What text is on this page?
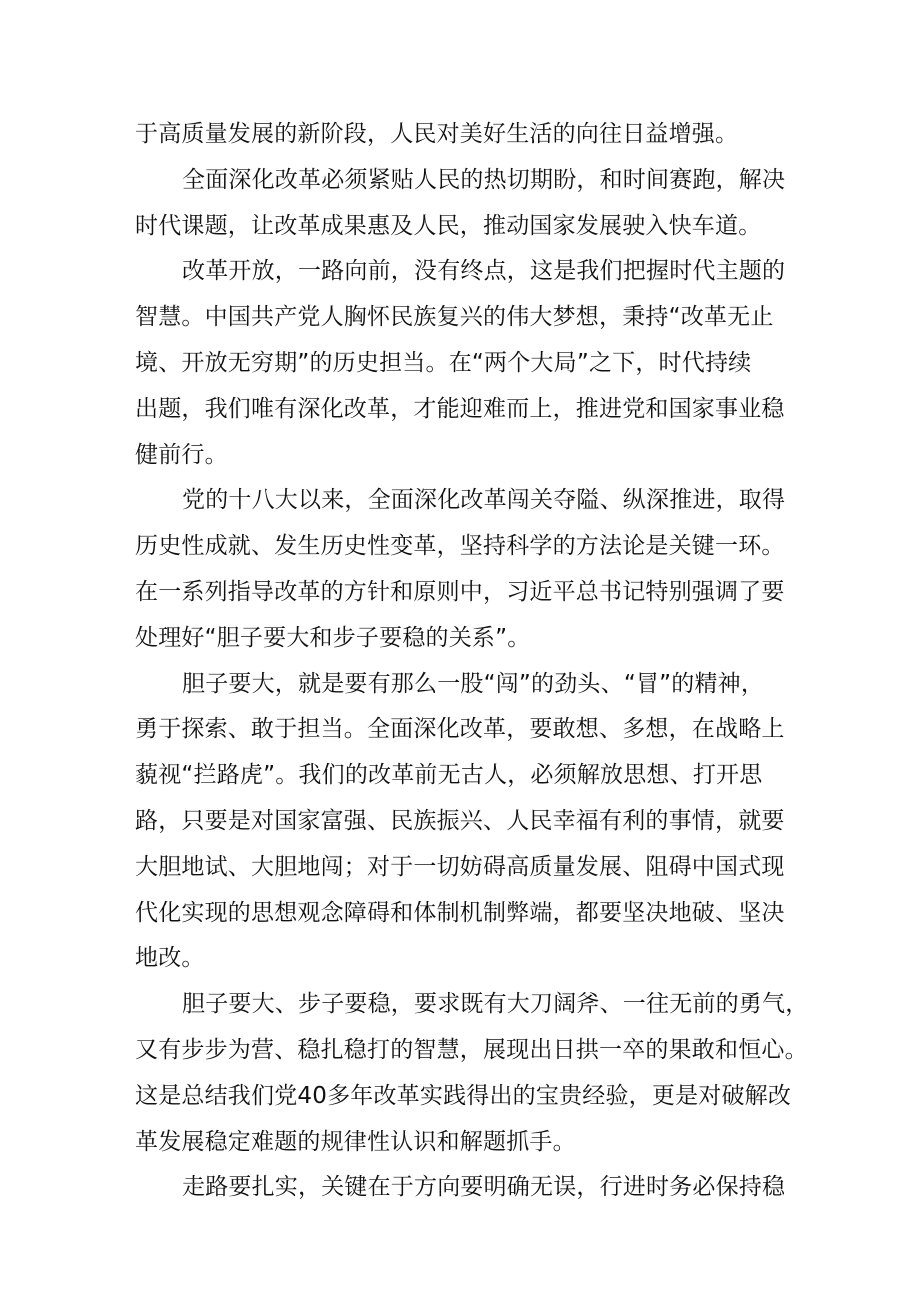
于高质量发展的新阶段，人民对美好生活的向往日益增强。
全面深化改革必须紧贴人民的热切期盼，和时间赛跑，解决
时代课题，让改革成果惠及人民，推动国家发展驶入快车道。
改革开放，一路向前，没有终点，这是我们把握时代主题的
智慧。中国共产党人胸怀民族复兴的伟大梦想，秉持“改革无止
境、开放无穷期”的历史担当。在“两个大局”之下，时代持续
出题，我们唯有深化改革，才能迎难而上，推进党和国家事业稳
健前行。
党的十八大以来，全面深化改革闯关夺隘、纵深推进，取得
历史性成就、发生历史性变革，坚持科学的方法论是关键一环。
在一系列指导改革的方针和原则中，习近平总书记特别强调了要
处理好“胆子要大和步子要稳的关系”。
胆子要大，就是要有那么一股“闯”的劲头、“冒”的精神，
勇于探索、敢于担当。全面深化改革，要敢想、多想，在战略上
藐视“拦路虎”。我们的改革前无古人，必须解放思想、打开思
路，只要是对国家富强、民族振兴、人民幸福有利的事情，就要
大胆地试、大胆地闯；对于一切妨碍高质量发展、阻碍中国式现
代化实现的思想观念障碍和体制机制弊端，都要坚决地破、坚决
地改。
胆子要大、步子要稳，要求既有大刀阔斧、一往无前的勇气，
又有步步为营、稳扎稳打的智慧，展现出日拱一卒的果敢和恒心。
这是总结我们党40多年改革实践得出的宝贵经验，更是对破解改
革发展稳定难题的规律性认识和解题抓手。
走路要扎实，关键在于方向要明确无误，行进时务必保持稳
